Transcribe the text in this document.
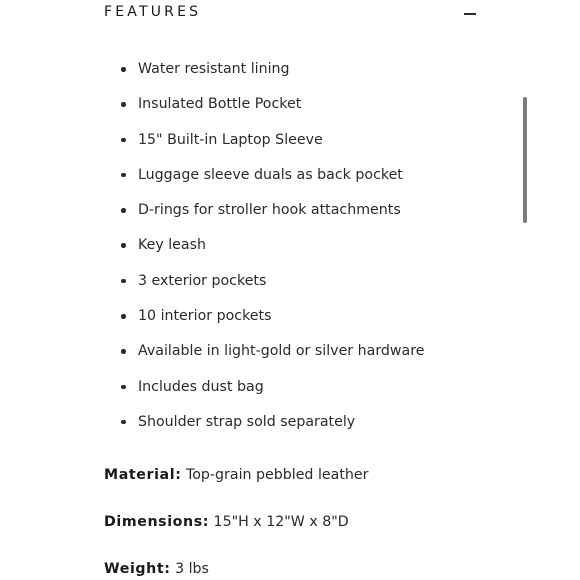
FEATURES
Water resistant lining
Insulated Bottle Pocket
15" Built-in Laptop Sleeve
Luggage sleeve duals as back pocket
D-rings for stroller hook attachments
Key leash
3 exterior pockets
10 interior pockets
Available in light-gold or silver hardware
Includes dust bag
Shoulder strap sold separately
Material: Top-grain pebbled leather
Dimensions: 15"H x 12"W x 8"D
Weight: 3 lbs
